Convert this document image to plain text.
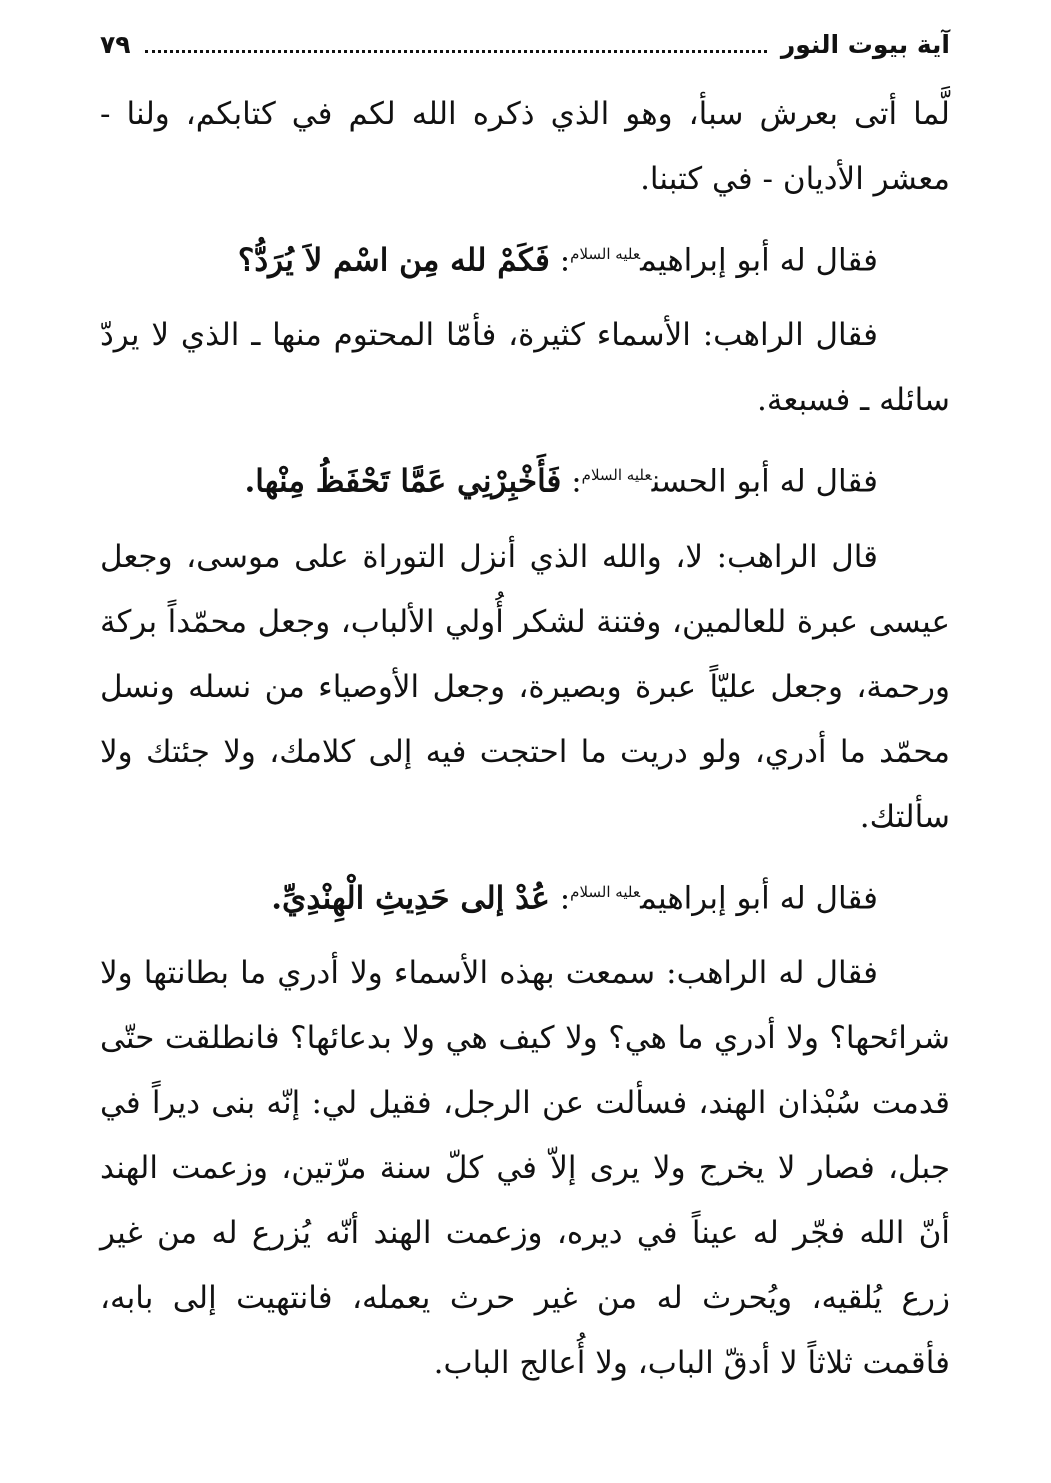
آية بيوت النور
٧٩

لَّما أتى بعرش سبأ، وهو الذي ذكره الله لكم في كتابكم، ولنا - معشر الأديان - في كتبنا.

فقال له أبو إبراهيم$^{عليه السلام}$: فَكَمْ لله مِن اسْم لاَ يُرَدُّ؟

فقال الراهب: الأسماء كثيرة، فأمّا المحتوم منها ـ الذي لا يردّ سائله ـ فسبعة.

فقال له أبو الحسن$^{عليه السلام}$: فَأَخْبِرْنِي عَمَّا تَحْفَظُ مِنْها.

قال الراهب: لا، والله الذي أنزل التوراة على موسى، وجعل عيسى عبرة للعالمين، وفتنة لشكر أُولي الألباب، وجعل محمّداً بركة ورحمة، وجعل عليّاً عبرة وبصيرة، وجعل الأوصياء من نسله ونسل محمّد ما أدري، ولو دريت ما احتجت فيه إلى كلامك، ولا جئتك ولا سألتك.

فقال له أبو إبراهيم$^{عليه السلام}$: عُدْ إلى حَدِيثِ الْهِنْدِيِّ.

فقال له الراهب: سمعت بهذه الأسماء ولا أدري ما بطانتها ولا شرائحها؟ ولا أدري ما هي؟ ولا كيف هي ولا بدعائها؟ فانطلقت حتّى قدمت سُبْذان الهند، فسألت عن الرجل، فقيل لي: إنّه بنى ديراً في جبل، فصار لا يخرج ولا يرى إلاّ في كلّ سنة مرّتين، وزعمت الهند أنّ الله فجّر له عيناً في ديره، وزعمت الهند أنّه يُزرع له من غير زرع يُلقيه، ويُحرث له من غير حرث يعمله، فانتهيت إلى بابه، فأقمت ثلاثاً لا أدقّ الباب، ولا أُعالج الباب.
